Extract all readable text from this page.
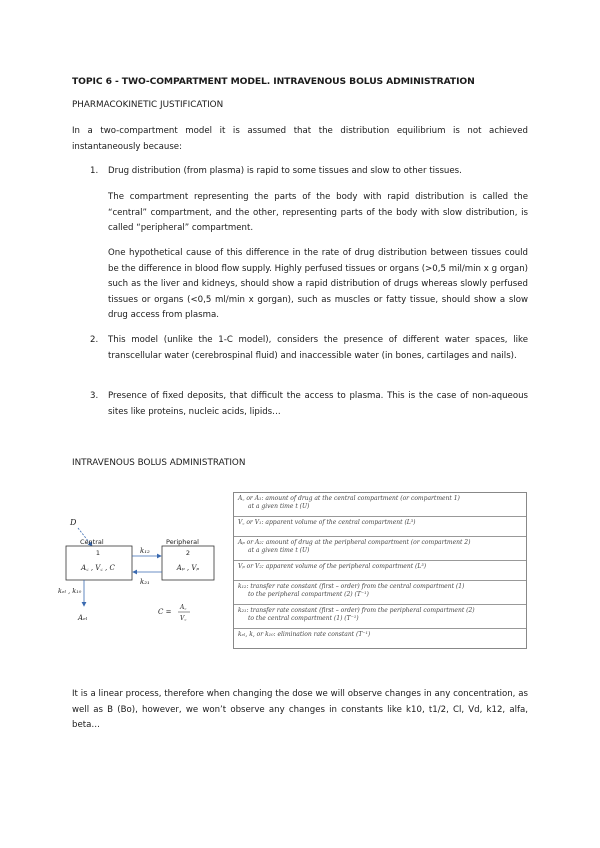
TOPIC 6 - TWO-COMPARTMENT MODEL. INTRAVENOUS BOLUS ADMINISTRATION
PHARMACOKINETIC JUSTIFICATION
In a two-compartment model it is assumed that the distribution equilibrium is not achieved instantaneously because:
1. Drug distribution (from plasma) is rapid to some tissues and slow to other tissues.
The compartment representing the parts of the body with rapid distribution is called the “central” compartment, and the other, representing parts of the body with slow distribution, is called “peripheral” compartment.
One hypothetical cause of this difference in the rate of drug distribution between tissues could be the difference in blood flow supply. Highly perfused tissues or organs (>0,5 mil/min x g organ) such as the liver and kidneys, should show a rapid distribution of drugs whereas slowly perfused tissues or organs (<0,5 ml/min x gorgan), such as muscles or fatty tissue, should show a slow drug access from plasma.
2. This model (unlike the 1-C model), considers the presence of different water spaces, like transcellular water (cerebrospinal fluid) and inaccessible water (in bones, cartilages and nails).
3. Presence of fixed deposits, that difficult the access to plasma. This is the case of non-aqueous sites like proteins, nucleic acids, lipids…
INTRAVENOUS BOLUS ADMINISTRATION
D
Central
1
A꜀ , V꜀ , C
Peripheral
2
Aₚ , Vₚ
k₁₂
k₂₁
kₑₗ , k₁₀
Aₑₗ
C =
A꜀
V꜀
A꜀ or A₁: amount of drug at the central compartment (or compartment 1)
at a given time t (U)
V꜀ or V₁: apparent volume of the central compartment (L³)
Aₚ or A₂: amount of drug at the peripheral compartment (or compartment 2)
at a given time t (U)
Vₚ or V₂: apparent volume of the peripheral compartment (L³)
k₁₂: transfer rate constant (first – order) from the central compartment (1)
to the peripheral compartment (2) (T⁻¹)
k₂₁: transfer rate constant (first – order) from the peripheral compartment (2)
to the central compartment (1) (T⁻¹)
kₑₗ, k, or k₁₀: elimination rate constant (T⁻¹)
It is a linear process, therefore when changing the dose we will observe changes in any concentration, as well as B (Bo), however, we won’t observe any changes in constants like k10, t1/2, Cl, Vd, k12, alfa, beta…
